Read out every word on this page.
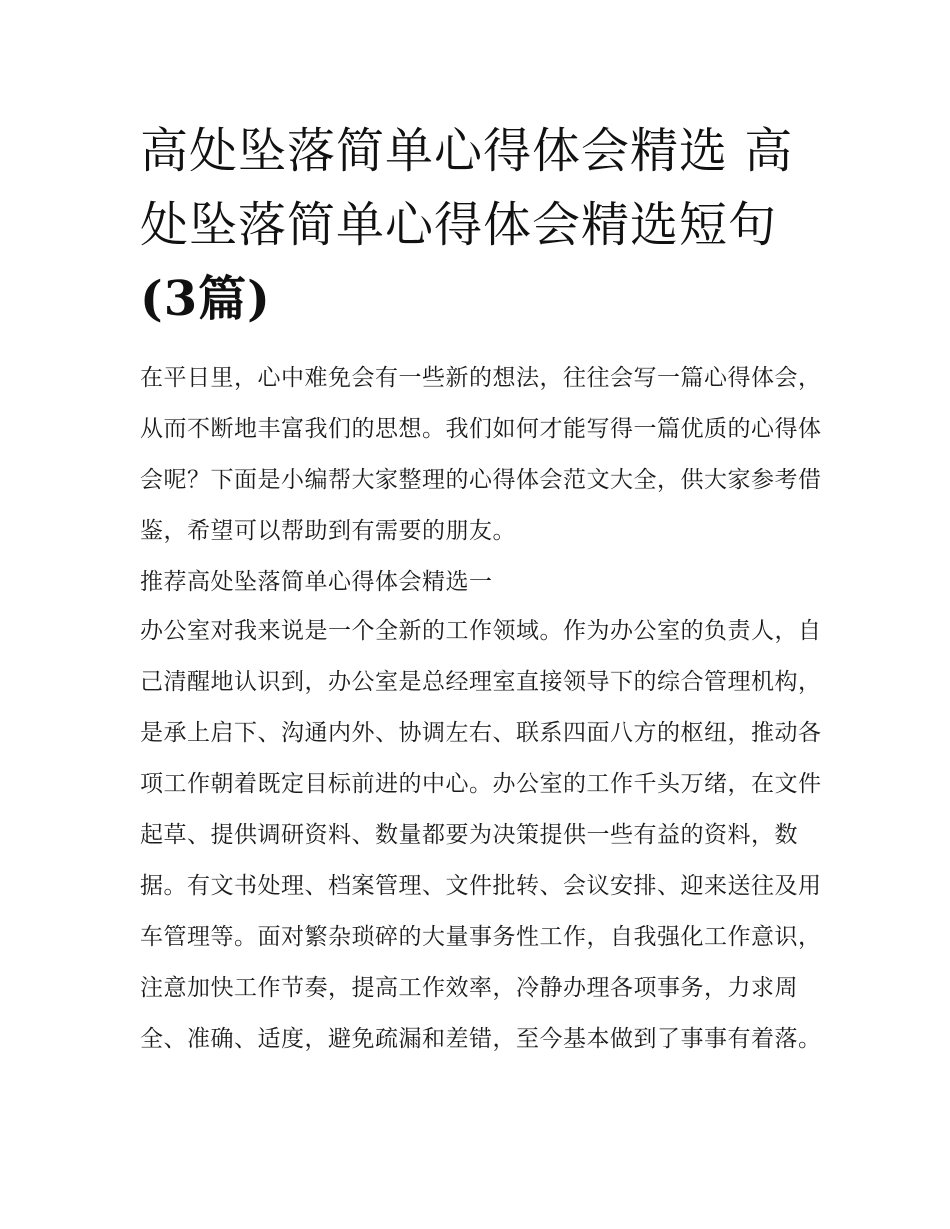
高处坠落简单心得体会精选 高处坠落简单心得体会精选短句(3篇)

在平日里，心中难免会有一些新的想法，往往会写一篇心得体会，从而不断地丰富我们的思想。我们如何才能写得一篇优质的心得体会呢？下面是小编帮大家整理的心得体会范文大全，供大家参考借鉴，希望可以帮助到有需要的朋友。

推荐高处坠落简单心得体会精选一

办公室对我来说是一个全新的工作领域。作为办公室的负责人，自己清醒地认识到，办公室是总经理室直接领导下的综合管理机构，是承上启下、沟通内外、协调左右、联系四面八方的枢纽，推动各项工作朝着既定目标前进的中心。办公室的工作千头万绪，在文件起草、提供调研资料、数量都要为决策提供一些有益的资料，数据。有文书处理、档案管理、文件批转、会议安排、迎来送往及用车管理等。面对繁杂琐碎的大量事务性工作，自我强化工作意识，注意加快工作节奏，提高工作效率，冷静办理各项事务，力求周全、准确、适度，避免疏漏和差错，至今基本做到了事事有着落。
